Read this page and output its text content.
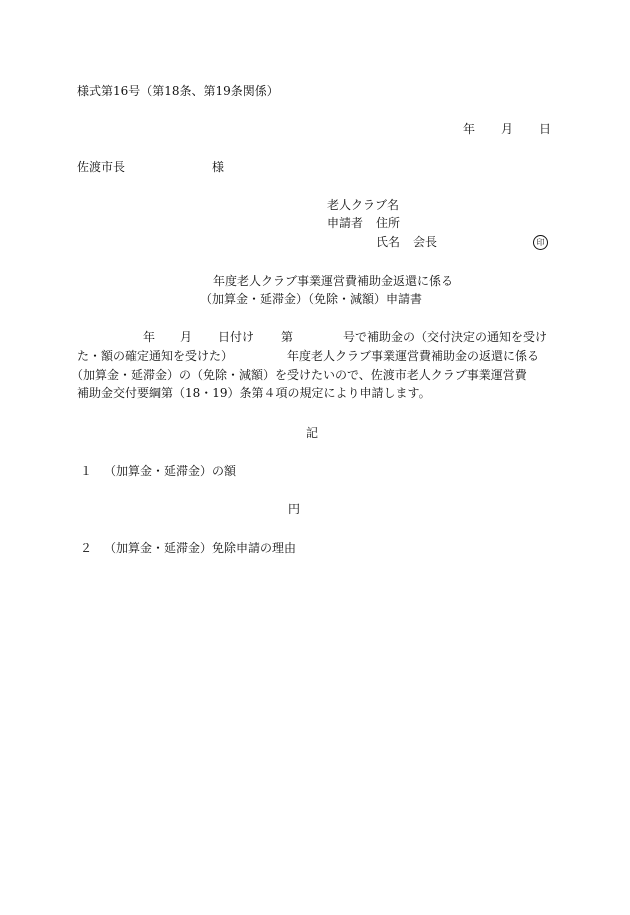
様式第16号（第18条、第19条関係）
年 月 日
佐渡市長	様
老人クラブ名
申請者 住所
氏名 会長	印
年度老人クラブ事業運営費補助金返還に係る
（加算金・延滞金）（免除・減額）申請書
年 月 日付け 第	号で補助金の（交付決定の通知を受け
た・額の確定通知を受けた）	年度老人クラブ事業運営費補助金の返還に係る
（加算金・延滞金）の（免除・減額）を受けたいので、佐渡市老人クラブ事業運営費
補助金交付要綱第（18・19）条第４項の規定により申請します。
記
１ （加算金・延滞金）の額
円
２ （加算金・延滞金）免除申請の理由
